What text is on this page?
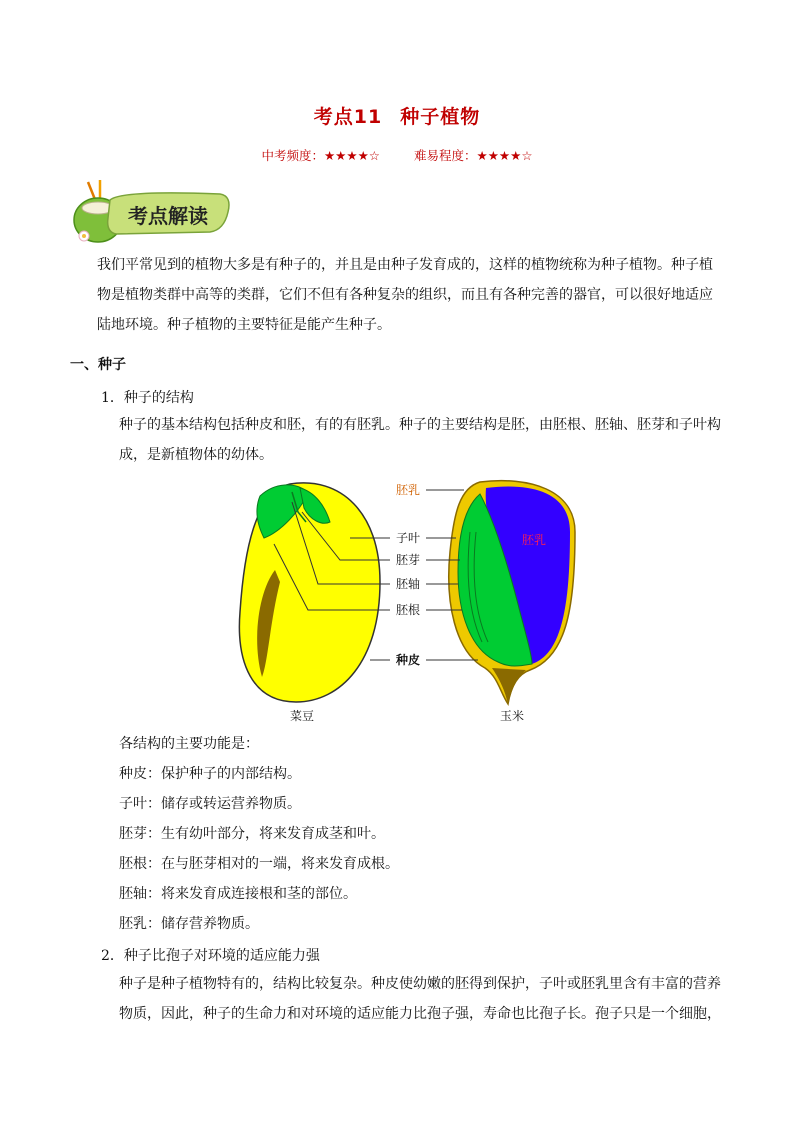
考点11 种子植物
中考频度：★★★★☆	难易程度：★★★★☆
考点解读

我们平常见到的植物大多是有种子的，并且是由种子发育成的，这样的植物统称为种子植物。种子植物是植物类群中高等的类群，它们不但有各种复杂的组织，而且有各种完善的器官，可以很好地适应陆地环境。种子植物的主要特征是能产生种子。

一、种子
1．种子的结构

种子的基本结构包括种皮和胚，有的有胚乳。种子的主要结构是胚，由胚根、胚轴、胚芽和子叶构成，是新植物体的幼体。

胚乳
子叶
胚芽
胚轴
胚根
种皮
胚乳
菜豆	玉米
各结构的主要功能是：
种皮：保护种子的内部结构。
子叶：储存或转运营养物质。
胚芽：生有幼叶部分，将来发育成茎和叶。
胚根：在与胚芽相对的一端，将来发育成根。
胚轴：将来发育成连接根和茎的部位。
胚乳：储存营养物质。
2．种子比孢子对环境的适应能力强

种子是种子植物特有的，结构比较复杂。种皮使幼嫩的胚得到保护，子叶或胚乳里含有丰富的营养物质，因此，种子的生命力和对环境的适应能力比孢子强，寿命也比孢子长。孢子只是一个细胞，
